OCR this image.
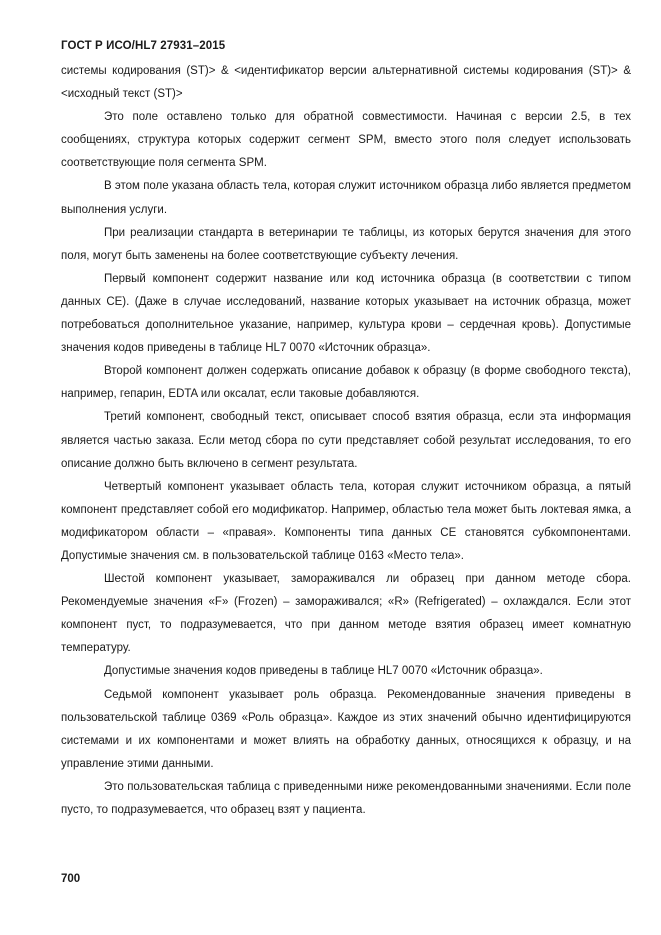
ГОСТ Р ИСО/HL7 27931–2015

системы кодирования (ST)> & <идентификатор версии альтернативной системы кодирования (ST)> & <исходный текст (ST)>

Это поле оставлено только для обратной совместимости. Начиная с версии 2.5, в тех сообщениях, структура которых содержит сегмент SPM, вместо этого поля следует использовать соответствующие поля сегмента SPM.

В этом поле указана область тела, которая служит источником образца либо является предметом выполнения услуги.

При реализации стандарта в ветеринарии те таблицы, из которых берутся значения для этого поля, могут быть заменены на более соответствующие субъекту лечения.

Первый компонент содержит название или код источника образца (в соответствии с типом данных CE). (Даже в случае исследований, название которых указывает на источник образца, может потребоваться дополнительное указание, например, культура крови – сердечная кровь). Допустимые значения кодов приведены в таблице HL7 0070 «Источник образца».

Второй компонент должен содержать описание добавок к образцу (в форме свободного текста), например, гепарин, EDTA или оксалат, если таковые добавляются.

Третий компонент, свободный текст, описывает способ взятия образца, если эта информация является частью заказа. Если метод сбора по сути представляет собой результат исследования, то его описание должно быть включено в сегмент результата.

Четвертый компонент указывает область тела, которая служит источником образца, а пятый компонент представляет собой его модификатор. Например, областью тела может быть локтевая ямка, а модификатором области – «правая». Компоненты типа данных CE становятся субкомпонентами. Допустимые значения см. в пользовательской таблице 0163 «Место тела».

Шестой компонент указывает, замораживался ли образец при данном методе сбора. Рекомендуемые значения «F» (Frozen) – замораживался; «R» (Refrigerated) – охлаждался. Если этот компонент пуст, то подразумевается, что при данном методе взятия образец имеет комнатную температуру.

Допустимые значения кодов приведены в таблице HL7 0070 «Источник образца».

Седьмой компонент указывает роль образца. Рекомендованные значения приведены в пользовательской таблице 0369 «Роль образца». Каждое из этих значений обычно идентифицируются системами и их компонентами и может влиять на обработку данных, относящихся к образцу, и на управление этими данными.

Это пользовательская таблица с приведенными ниже рекомендованными значениями. Если поле пусто, то подразумевается, что образец взят у пациента.

700
